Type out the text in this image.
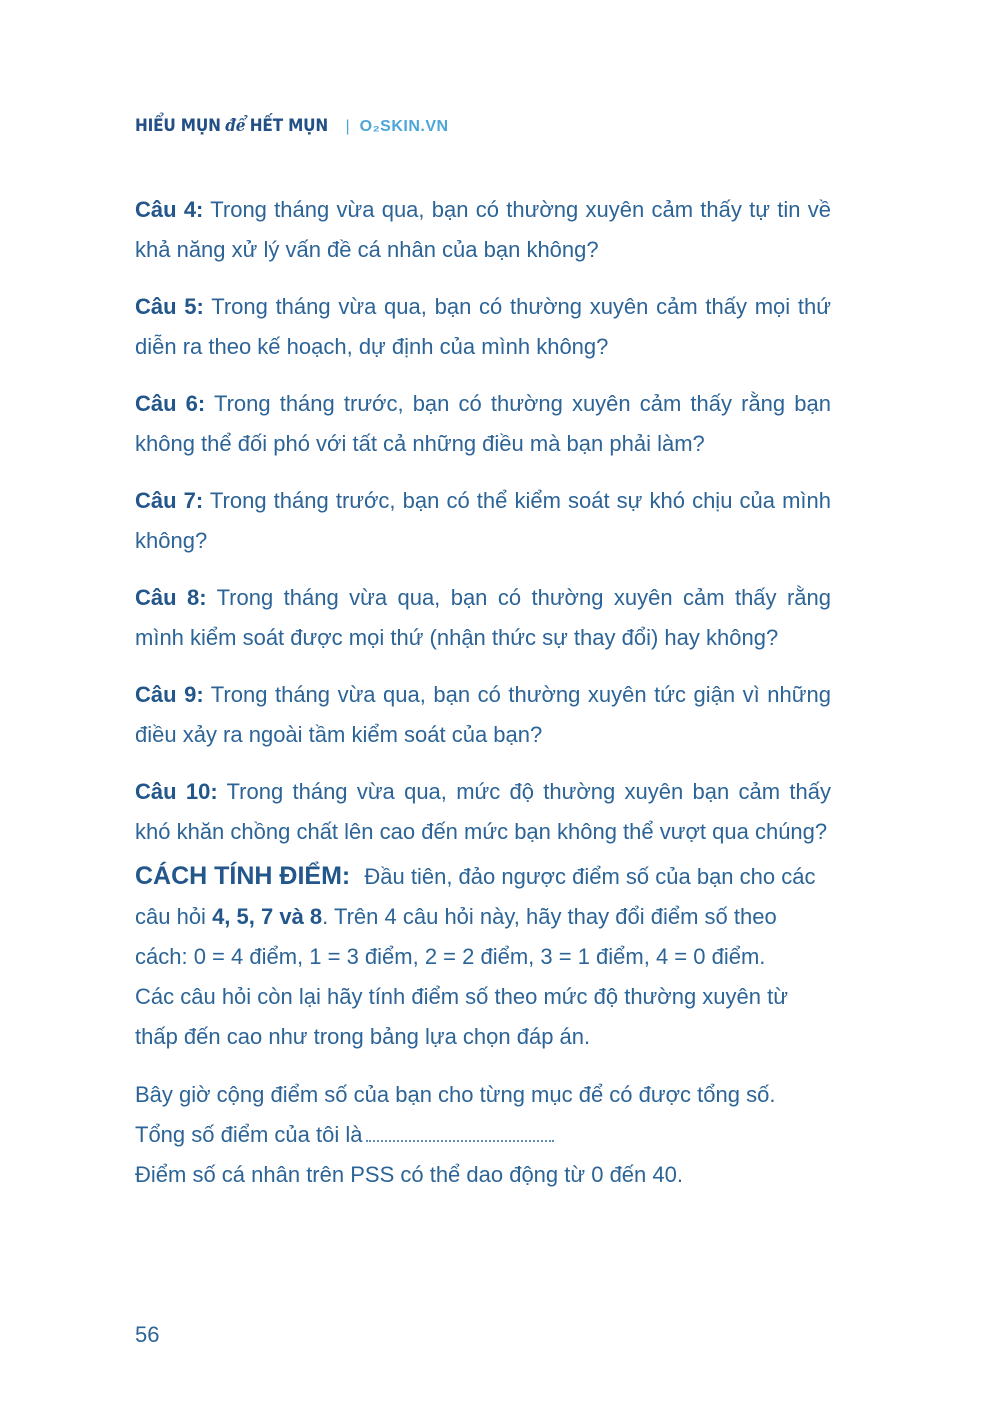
HIỂU MỤN để HẾT MỤN | O₂SKIN.VN

Câu 4: Trong tháng vừa qua, bạn có thường xuyên cảm thấy tự tin về khả năng xử lý vấn đề cá nhân của bạn không?

Câu 5: Trong tháng vừa qua, bạn có thường xuyên cảm thấy mọi thứ diễn ra theo kế hoạch, dự định của mình không?

Câu 6: Trong tháng trước, bạn có thường xuyên cảm thấy rằng bạn không thể đối phó với tất cả những điều mà bạn phải làm?

Câu 7: Trong tháng trước, bạn có thể kiểm soát sự khó chịu của mình không?

Câu 8: Trong tháng vừa qua, bạn có thường xuyên cảm thấy rằng mình kiểm soát được mọi thứ (nhận thức sự thay đổi) hay không?

Câu 9: Trong tháng vừa qua, bạn có thường xuyên tức giận vì những điều xảy ra ngoài tầm kiểm soát của bạn?

Câu 10: Trong tháng vừa qua, mức độ thường xuyên bạn cảm thấy khó khăn chồng chất lên cao đến mức bạn không thể vượt qua chúng?

CÁCH TÍNH ĐIỂM: Đầu tiên, đảo ngược điểm số của bạn cho các câu hỏi 4, 5, 7 và 8. Trên 4 câu hỏi này, hãy thay đổi điểm số theo cách: 0 = 4 điểm, 1 = 3 điểm, 2 = 2 điểm, 3 = 1 điểm, 4 = 0 điểm.
Các câu hỏi còn lại hãy tính điểm số theo mức độ thường xuyên từ thấp đến cao như trong bảng lựa chọn đáp án.
Bây giờ cộng điểm số của bạn cho từng mục để có được tổng số.
Tổng số điểm của tôi là
Điểm số cá nhân trên PSS có thể dao động từ 0 đến 40.
56
